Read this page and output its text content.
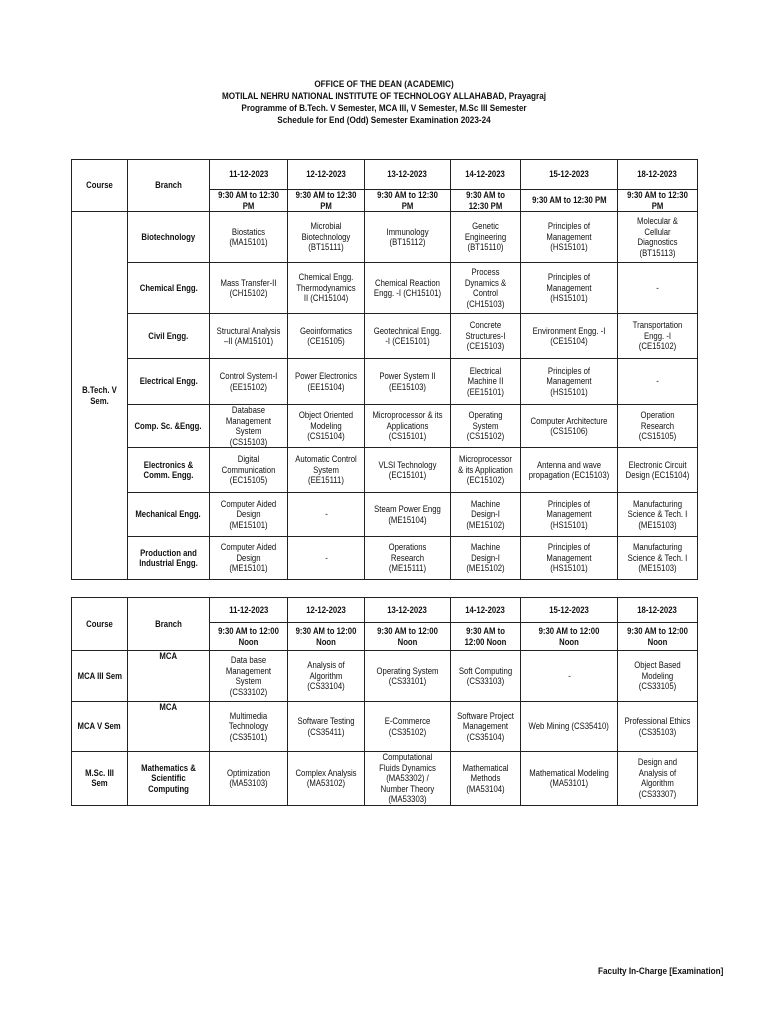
OFFICE OF THE DEAN (ACADEMIC)
MOTILAL NEHRU NATIONAL INSTITUTE OF TECHNOLOGY ALLAHABAD, Prayagraj
Programme of B.Tech. V Semester, MCA III, V Semester, M.Sc III Semester
Schedule for End (Odd) Semester Examination 2023-24
Course	Branch	11-12-2023	12-12-2023	13-12-2023	14-12-2023	15-12-2023	18-12-2023
		9:30 AM to 12:30 PM	9:30 AM to 12:30 PM	9:30 AM to 12:30 PM	9:30 AM to 12:30 PM	9:30 AM to 12:30 PM	9:30 AM to 12:30 PM
B.Tech. V Sem.	Biotechnology	Biostatics (MA15101)	Microbial Biotechnology (BT15111)	Immunology (BT15112)	Genetic Engineering (BT15110)	Principles of Management (HS15101)	Molecular & Cellular Diagnostics (BT15113)
	Chemical Engg.	Mass Transfer-II (CH15102)	Chemical Engg. Thermodynamics II (CH15104)	Chemical Reaction Engg. -I (CH15101)	Process Dynamics & Control (CH15103)	Principles of Management (HS15101)	-
	Civil Engg.	Structural Analysis –II (AM15101)	Geoinformatics (CE15105)	Geotechnical Engg. -I (CE15101)	Concrete Structures-I (CE15103)	Environment Engg. -I (CE15104)	Transportation Engg. -I (CE15102)
	Electrical Engg.	Control System-I (EE15102)	Power Electronics (EE15104)	Power System II (EE15103)	Electrical Machine II (EE15101)	Principles of Management (HS15101)	-
	Comp. Sc. &Engg.	Database Management System (CS15103)	Object Oriented Modeling (CS15104)	Microprocessor & its Applications (CS15101)	Operating System (CS15102)	Computer Architecture (CS15106)	Operation Research (CS15105)
	Electronics & Comm. Engg.	Digital Communication (EC15105)	Automatic Control System (EE15111)	VLSI Technology (EC15101)	Microprocessor & its Application (EC15102)	Antenna and wave propagation (EC15103)	Electronic Circuit Design (EC15104)
	Mechanical Engg.	Computer Aided Design (ME15101)	-	Steam Power Engg (ME15104)	Machine Design-I (ME15102)	Principles of Management (HS15101)	Manufacturing Science & Tech. I (ME15103)
	Production and Industrial Engg.	Computer Aided Design (ME15101)	-	Operations Research (ME15111)	Machine Design-I (ME15102)	Principles of Management (HS15101)	Manufacturing Science & Tech. I (ME15103)
Course	Branch	11-12-2023	12-12-2023	13-12-2023	14-12-2023	15-12-2023	18-12-2023
		9:30 AM to 12:00 Noon	9:30 AM to 12:00 Noon	9:30 AM to 12:00 Noon	9:30 AM to 12:00 Noon	9:30 AM to 12:00 Noon	9:30 AM to 12:00 Noon
MCA III Sem	MCA	Data base Management System (CS33102)	Analysis of Algorithm (CS33104)	Operating System (CS33101)	Soft Computing (CS33103)	-	Object Based Modeling (CS33105)
MCA V Sem	MCA	Multimedia Technology (CS35101)	Software Testing (CS35411)	E-Commerce (CS35102)	Software Project Management (CS35104)	Web Mining (CS35410)	Professional Ethics (CS35103)
M.Sc. III Sem	Mathematics & Scientific Computing	Optimization (MA53103)	Complex Analysis (MA53102)	Computational Fluids Dynamics (MA53302) / Number Theory (MA53303)	Mathematical Methods (MA53104)	Mathematical Modeling (MA53101)	Design and Analysis of Algorithm (CS33307)
Faculty In-Charge [Examination]
